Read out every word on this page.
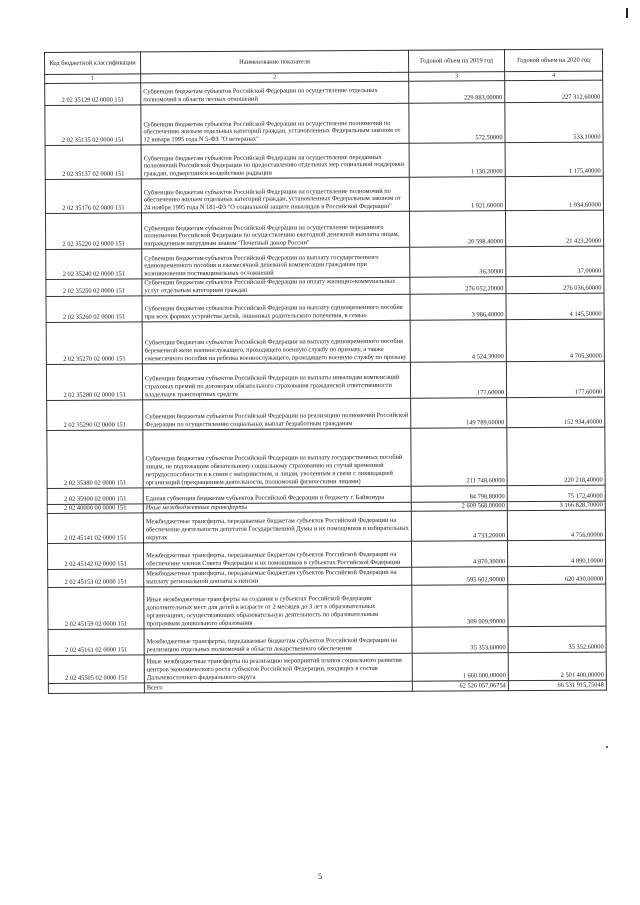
Код бюджетной классификации	Наименование показателя	Годовой объем на 2019 год	Годовой объем на 2020 год
1	2	3	4
2 02 35129 02 0000 151	Субвенции бюджетам субъектов Российской Федерации на осуществление отдельных полномочий в области лесных отношений	229 883,00000	227 312,60000
2 02 35135 02 0000 151	Субвенции бюджетам субъектов Российской Федерации на осуществление полномочий по обеспечению жильем отдельных категорий граждан, установленных Федеральным законом от 12 января 1995 года N 5-ФЗ "О ветеранах"	572,50000	533,10000
2 02 35137 02 0000 151	Субвенции бюджетам субъектов Российской Федерации на осуществление переданных полномочий Российской Федерации по предоставлению отдельных мер социальной поддержки граждан, подвергшихся воздействию радиации	1 130,20000	1 175,40000
2 02 35176 02 0000 151	Субвенции бюджетам субъектов Российской Федерации на осуществление полномочий по обеспечению жильем отдельных категорий граждан, установленных Федеральным законом от 24 ноября 1995 года N 181-ФЗ "О социальной защите инвалидов в Российской Федерации"	1 921,60000	1 934,60000
2 02 35220 02 0000 151	Субвенции бюджетам субъектов Российской Федерации на осуществление переданного полномочия Российской Федерации по осуществлению ежегодной денежной выплаты лицам, награжденным нагрудным знаком "Почетный донор России"	20 598,40000	21 423,20000
2 02 35240 02 0000 151	Субвенции бюджетам субъектов Российской Федерации на выплату государственного единовременного пособия и ежемесячной денежной компенсации гражданам при возникновении поствакцинальных осложнений	36,30000	37,00000
2 02 35250 02 0000 151	Субвенции бюджетам субъектов Российской Федерации на оплату жилищно-коммунальных услуг отдельным категориям граждан	276 052,20000	276 036,60000
2 02 35260 02 0000 151	Субвенции бюджетам субъектов Российской Федерации на выплату единовременного пособия при всех формах устройства детей, лишенных родительского попечения, в семью	3 986,40000	4 145,50000
2 02 35270 02 0000 151	Субвенции бюджетам субъектов Российской Федерации на выплату единовременного пособия беременной жене военнослужащего, проходящего военную службу по призыву, а также ежемесячного пособия на ребенка военнослужащего, проходящего военную службу по призыву	4 524,30000	4 705,30000
2 02 35280 02 0000 151	Субвенции бюджетам субъектов Российской Федерации на выплаты инвалидам компенсаций страховых премий по договорам обязательного страхования гражданской ответственности владельцев транспортных средств	177,60000	177,60000
2 02 35290 02 0000 151	Субвенции бюджетам субъектов Российской Федерации на реализацию полномочий Российской Федерации по осуществлению социальных выплат безработным гражданам	149 789,60000	152 934,40000
2 02 35380 02 0000 151	Субвенция бюджетам субъектов Российской Федерации на выплату государственных пособий лицам, не подлежащим обязательному социальному страхованию на случай временной нетрудоспособности и в связи с материнством, и лицам, уволенным в связи с ликвидацией организаций (прекращением деятельности, полномочий физическими лицами)	211 748,60000	220 218,40000
2 02 35900 02 0000 151	Единая субвенция бюджетам субъектов Российской Федерации и бюджету г. Байконура	84 798,80000	75 172,40000
2 02 40000 00 0000 151	Иные межбюджетные трансферты	2 609 568,00000	3 166 828,70000
2 02 45141 02 0000 151	Межбюджетные трансферты, передаваемые бюджетам субъектов Российской Федерации на обеспечение деятельности депутатов Государственной Думы и их помощников в избирательных округах	4 733,20000	4 756,00000
2 02 45142 02 0000 151	Межбюджетные трансферты, передаваемые бюджетам субъектов Российской Федерации на обеспечение членов Совета Федерации и их помощников в субъектах Российской Федерации	4 870,30000	4 890,10000
2 02 45153 02 0000 151	Межбюджетные трансферты, передаваемые бюджетам субъектов Российской Федерации на выплату региональной доплаты к пенсии	595 602,90000	620 430,00000
2 02 45159 02 0000 151	Иные межбюджетные трансферты на создание в субъектах Российской Федерации дополнительных мест для детей в возрасте от 2 месяцев до 3 лет в образовательных организациях, осуществляющих образовательную деятельность по образовательным программам дошкольного образования	309 009,90000	
2 02 45161 02 0000 151	Межбюджетные трансферты, передаваемые бюджетам субъектов Российской Федерации на реализацию отдельных полномочий в области лекарственного обеспечения	35 353,60000	35 352,60000
2 02 45505 02 0000 151	Иные межбюджетные трансферты на реализацию мероприятий планов социального развития центров экономического роста субъектов Российской Федерации, входящих в состав Дальневосточного федерального округа	1 660 000,00000	2 501 400,00000
	Всего	62 526 057,06754	66 531 915,75048
5
